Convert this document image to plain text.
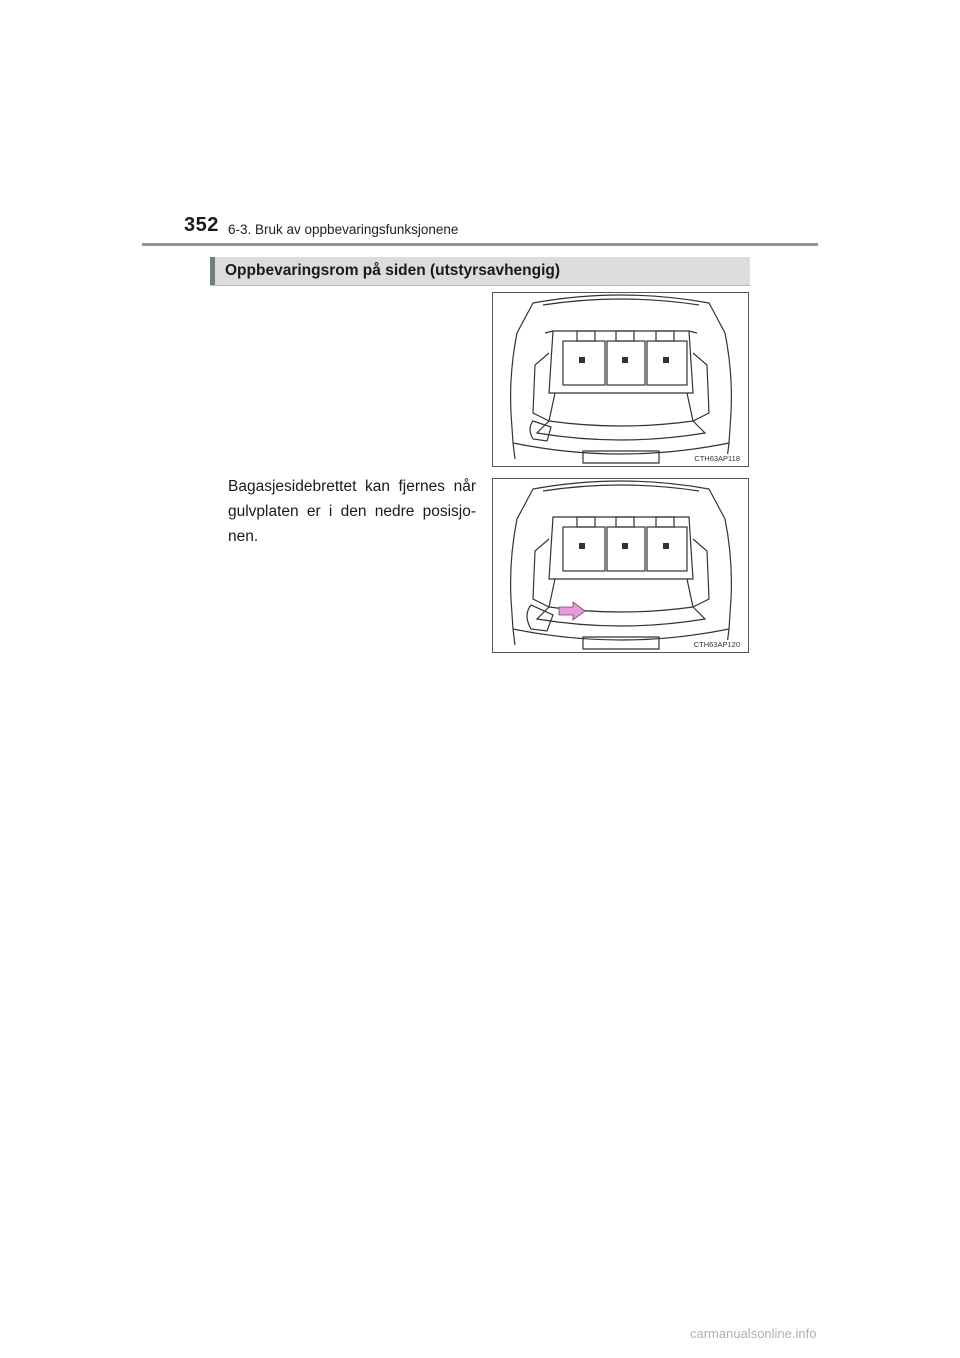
352 6-3. Bruk av oppbevaringsfunksjonene
Oppbevaringsrom på siden (utstyrsavhengig)
Bagasjesidebrettet kan fjernes når gulvplaten er i den nedre posisjo-nen.
CTH63AP118
CTH63AP120
carmanualsonline.info
